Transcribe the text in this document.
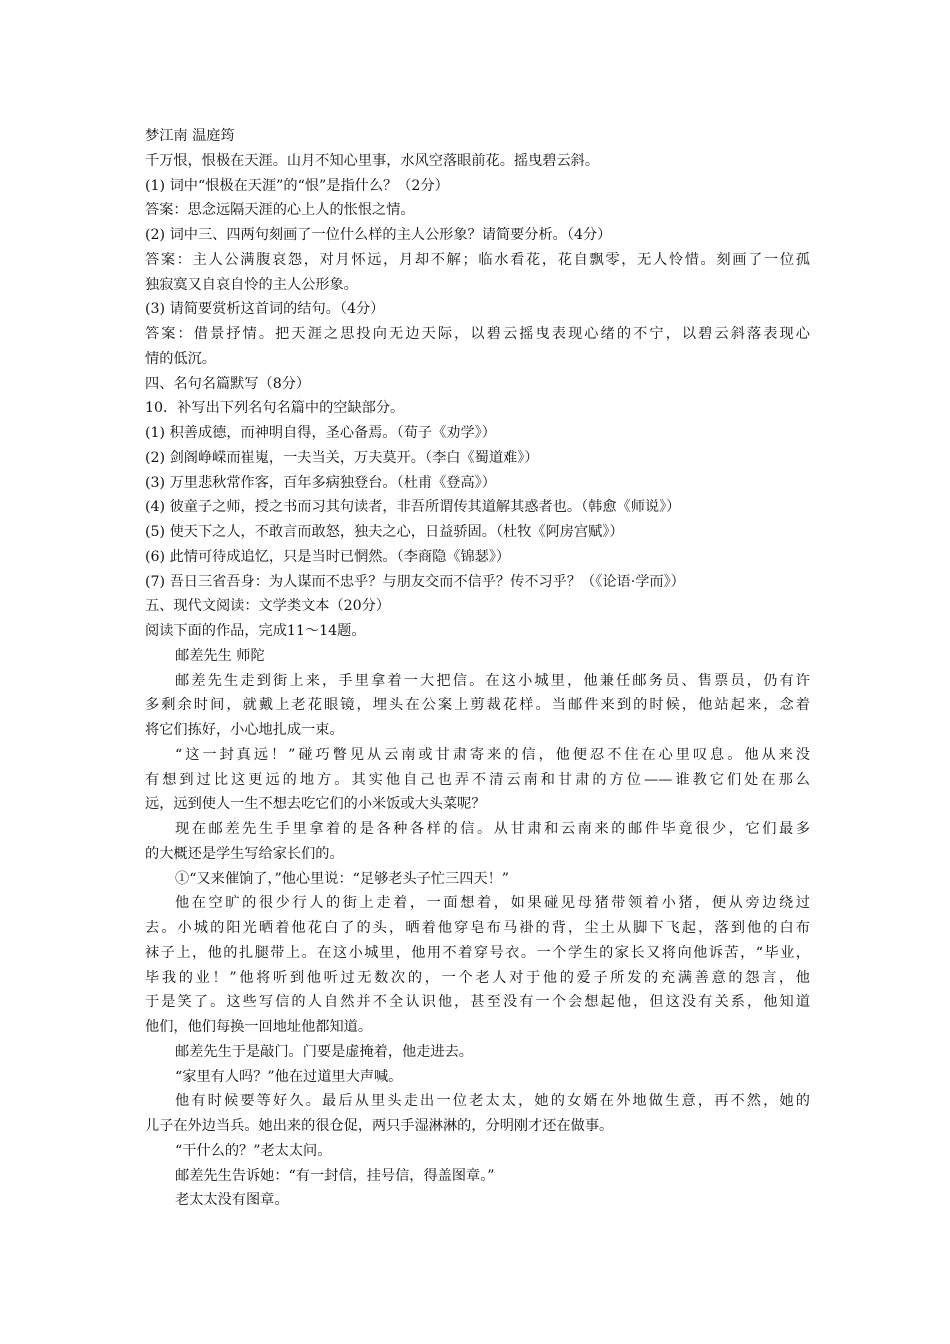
梦江南 温庭筠
千万恨，恨极在天涯。山月不知心里事，水风空落眼前花。摇曳碧云斜。
(1) 词中“恨极在天涯”的“恨”是指什么？（2分）
答案：思念远隔天涯的心上人的怅恨之情。
(2) 词中三、四两句刻画了一位什么样的主人公形象？请简要分析。（4分）
答案：主人公满腹哀怨，对月怀远，月却不解；临水看花，花自飘零，无人怜惜。刻画了一位孤
独寂寞又自哀自怜的主人公形象。
(3) 请简要赏析这首词的结句。（4分）
答案：借景抒情。把天涯之思投向无边天际，以碧云摇曳表现心绪的不宁，以碧云斜落表现心
情的低沉。
四、名句名篇默写（8分）
10．补写出下列名句名篇中的空缺部分。
(1) 积善成德，而神明自得，圣心备焉。（荀子《劝学》）
(2) 剑阁峥嵘而崔嵬，一夫当关，万夫莫开。（李白《蜀道难》）
(3) 万里悲秋常作客，百年多病独登台。（杜甫《登高》）
(4) 彼童子之师，授之书而习其句读者，非吾所谓传其道解其惑者也。（韩愈《师说》）
(5) 使天下之人，不敢言而敢怒，独夫之心，日益骄固。（杜牧《阿房宫赋》）
(6) 此情可待成追忆，只是当时已惘然。（李商隐《锦瑟》）
(7) 吾日三省吾身：为人谋而不忠乎？与朋友交而不信乎？传不习乎？（《论语·学而》）
五、现代文阅读：文学类文本（20分）
阅读下面的作品，完成11～14题。
邮差先生 师陀
邮差先生走到街上来，手里拿着一大把信。在这小城里，他兼任邮务员、售票员，仍有许
多剩余时间，就戴上老花眼镜，埋头在公案上剪裁花样。当邮件来到的时候，他站起来，念着
将它们拣好，小心地扎成一束。
“这一封真远！”碰巧瞥见从云南或甘肃寄来的信，他便忍不住在心里叹息。他从来没
有想到过比这更远的地方。其实他自己也弄不清云南和甘肃的方位——谁教它们处在那么
远，远到使人一生不想去吃它们的小米饭或大头菜呢？
现在邮差先生手里拿着的是各种各样的信。从甘肃和云南来的邮件毕竟很少，它们最多
的大概还是学生写给家长们的。
①“又来催饷了，”他心里说：“足够老头子忙三四天！”
他在空旷的很少行人的街上走着，一面想着，如果碰见母猪带领着小猪，便从旁边绕过
去。小城的阳光晒着他花白了的头，晒着他穿皂布马褂的背，尘土从脚下飞起，落到他的白布
袜子上，他的扎腿带上。在这小城里，他用不着穿号衣。一个学生的家长又将向他诉苦，“毕业，
毕我的业！”他将听到他听过无数次的，一个老人对于他的爱子所发的充满善意的怨言，他
于是笑了。这些写信的人自然并不全认识他，甚至没有一个会想起他，但这没有关系，他知道
他们，他们每换一回地址他都知道。
邮差先生于是敲门。门要是虚掩着，他走进去。
“家里有人吗？”他在过道里大声喊。
他有时候要等好久。最后从里头走出一位老太太，她的女婿在外地做生意，再不然，她的
儿子在外边当兵。她出来的很仓促，两只手湿淋淋的，分明刚才还在做事。
“干什么的？”老太太问。
邮差先生告诉她：“有一封信，挂号信，得盖图章。”
老太太没有图章。
